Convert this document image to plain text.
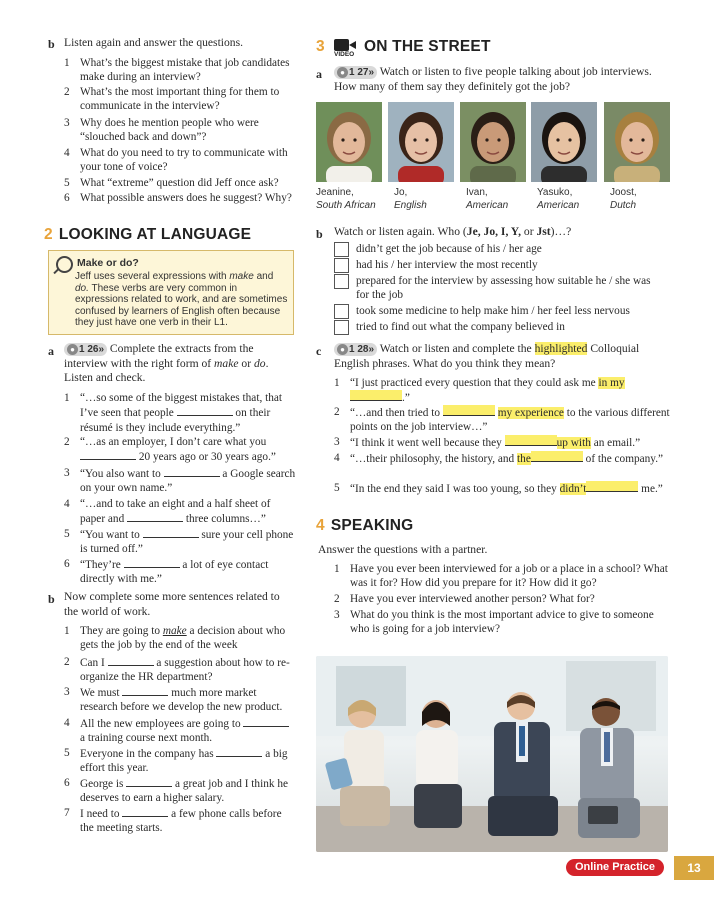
b Listen again and answer the questions.
1 What’s the biggest mistake that job candidates make during an interview?
2 What’s the most important thing for them to communicate in the interview?
3 Why does he mention people who were “slouched back and down”?
4 What do you need to try to communicate with your tone of voice?
5 What “extreme” question did Jeff once ask?
6 What possible answers does he suggest? Why?
2 LOOKING AT LANGUAGE
Make or do?
Jeff uses several expressions with make and do. These verbs are very common in expressions related to work, and are sometimes confused by learners of English often because they just have one verb in their L1.
a	● 1 26» Complete the extracts from the interview with the right form of make or do. Listen and check.
1 “…so some of the biggest mistakes that, that I’ve seen that people	on their résumé is they include everything.”
2 “…as an employer, I don’t care what you  20 years ago or 30 years ago.”
3 “You also want to	a Google search on your own name.”
4 “…and to take an eight and a half sheet of paper and	three columns…”
5 “You want to	sure your cell phone is turned off.”
6 “They’re	a lot of eye contact directly with me.”
b Now complete some more sentences related to the world of work.
1 They are going to make a decision about who gets the job by the end of the week
2 Can I	a suggestion about how to re-organize the HR department?
3 We must	much more market research before we develop the new product.
4 All the new employees are going to  a training course next month.
5 Everyone in the company has	a big effort this year.
6 George is	a great job and I think he deserves to earn a higher salary.
7 I need to	a few phone calls before the meeting starts.
3	VIDEO ON THE STREET
a	● 1 27» Watch or listen to five people talking about job interviews. How many of them say they definitely got the job?
Jeanine,
South African
Jo,
English
Ivan,
American
Yasuko,
American
Joost,
Dutch
b Watch or listen again. Who (Je, Jo, I, Y, or Jst)…?
didn’t get the job because of his / her age
had his / her interview the most recently
prepared for the interview by assessing how suitable he / she was for the job
took some medicine to help make him / her feel less nervous
tried to find out what the company believed in
c	● 1 28» Watch or listen and complete the highlighted Colloquial English phrases. What do you think they mean?
1 “I just practiced every question that they could ask me in my.”
2 “…and then tried to	my experience to the various different points on the job interview…”
3 “I think it went well because they	up with an email.”
4 “…their philosophy, the history, and the	of the company.”
5 “In the end they said I was too young, so they didn’t	me.”
4 SPEAKING
Answer the questions with a partner.
1 Have you ever been interviewed for a job or a place in a school? What was it for? How did you prepare for it? How did it go?
2 Have you ever interviewed another person? What for?
3 What do you think is the most important advice to give to someone who is going for a job interview?
Online Practice	13
